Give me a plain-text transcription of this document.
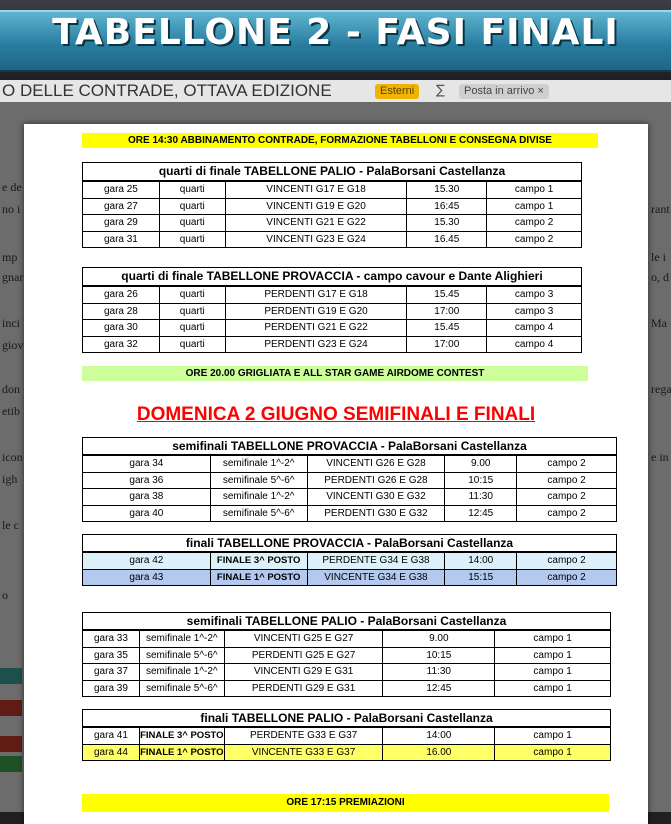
TABELLONE 2 - FASI FINALI
O DELLE CONTRADE, OTTAVA EDIZIONE	Esterni	∑	Posta in arrivo ×
ORE 14:30 ABBINAMENTO CONTRADE, FORMAZIONE TABELLONI E CONSEGNA DIVISE
quarti di finale TABELLONE PALIO - PalaBorsani Castellanza
gara 25	quarti	VINCENTI G17 E G18	15.30	campo 1
gara 27	quarti	VINCENTI G19 E G20	16:45	campo 1
gara 29	quarti	VINCENTI G21 E G22	15.30	campo 2
gara 31	quarti	VINCENTI G23 E G24	16.45	campo 2
quarti di finale TABELLONE PROVACCIA - campo cavour e Dante Alighieri
gara 26	quarti	PERDENTI G17 E G18	15.45	campo 3
gara 28	quarti	PERDENTI G19 E G20	17:00	campo 3
gara 30	quarti	PERDENTI G21 E G22	15.45	campo 4
gara 32	quarti	PERDENTI G23 E G24	17:00	campo 4
ORE 20.00 GRIGLIATA E ALL STAR GAME AIRDOME CONTEST
DOMENICA 2 GIUGNO SEMIFINALI E FINALI
semifinali TABELLONE PROVACCIA - PalaBorsani Castellanza
gara 34	semifinale 1^-2^	VINCENTI G26 E G28	9.00	campo 2
gara 36	semifinale 5^-6^	PERDENTI G26 E G28	10:15	campo 2
gara 38	semifinale 1^-2^	VINCENTI G30 E G32	11:30	campo 2
gara 40	semifinale 5^-6^	PERDENTI G30 E G32	12:45	campo 2
finali TABELLONE PROVACCIA - PalaBorsani Castellanza
gara 42	FINALE 3^ POSTO	PERDENTE G34 E G38	14:00	campo 2
gara 43	FINALE 1^ POSTO	VINCENTE G34 E G38	15:15	campo 2
semifinali TABELLONE PALIO - PalaBorsani Castellanza
gara 33	semifinale 1^-2^	VINCENTI G25 E G27	9.00	campo 1
gara 35	semifinale 5^-6^	PERDENTI G25 E G27	10:15	campo 1
gara 37	semifinale 1^-2^	VINCENTI G29 E G31	11:30	campo 1
gara 39	semifinale 5^-6^	PERDENTI G29 E G31	12:45	campo 1
finali TABELLONE PALIO - PalaBorsani Castellanza
gara 41	FINALE 3^ POSTO	PERDENTE G33 E G37	14:00	campo 1
gara 44	FINALE 1^ POSTO	VINCENTE G33 E G37	16.00	campo 1
ORE 17:15 PREMIAZIONI
